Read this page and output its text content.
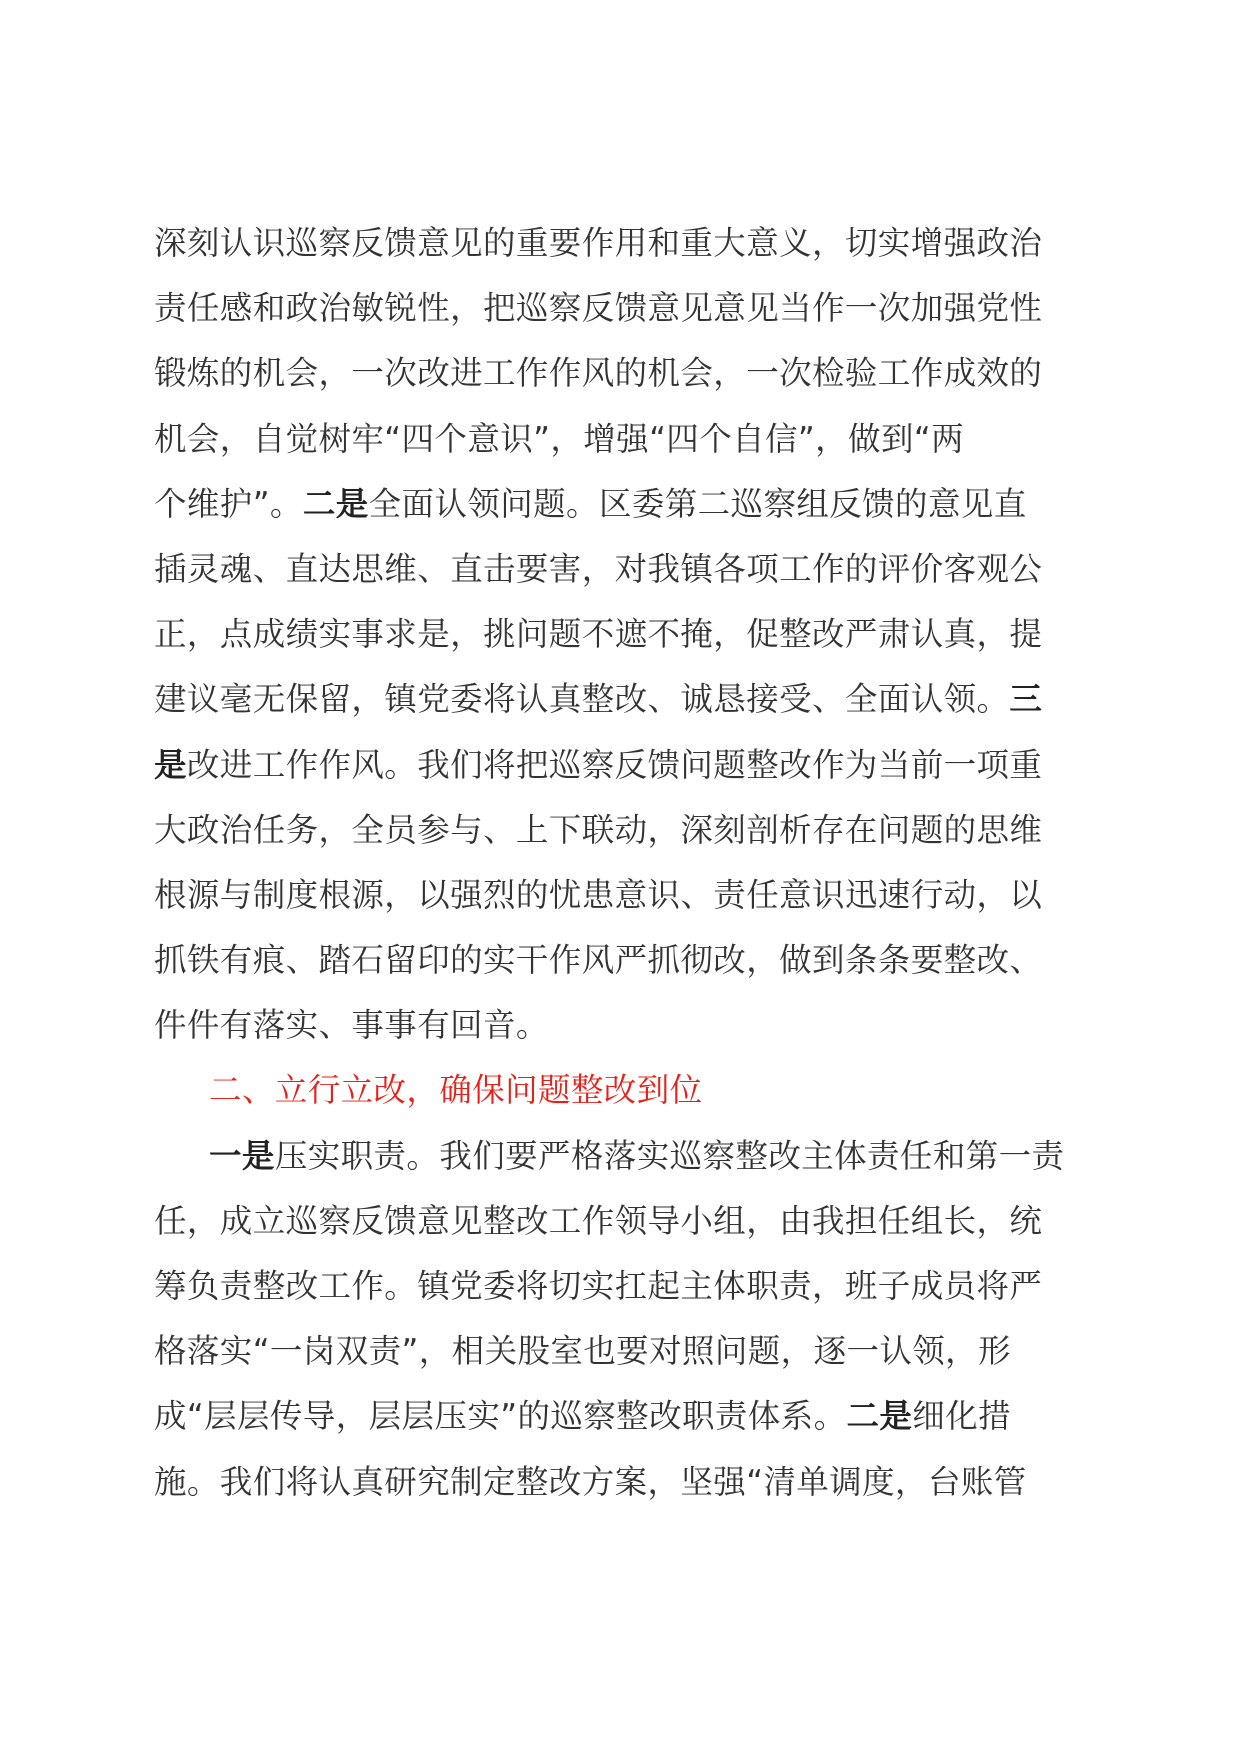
深刻认识巡察反馈意见的重要作用和重大意义，切实增强政治
责任感和政治敏锐性，把巡察反馈意见意见当作一次加强党性
锻炼的机会，一次改进工作作风的机会，一次检验工作成效的
机会，自觉树牢“四个意识”，增强“四个自信”，做到“两
个维护”。二是全面认领问题。区委第二巡察组反馈的意见直
插灵魂、直达思维、直击要害，对我镇各项工作的评价客观公
正，点成绩实事求是，挑问题不遮不掩，促整改严肃认真，提
建议毫无保留，镇党委将认真整改、诚恳接受、全面认领。三
是改进工作作风。我们将把巡察反馈问题整改作为当前一项重
大政治任务，全员参与、上下联动，深刻剖析存在问题的思维
根源与制度根源，以强烈的忧患意识、责任意识迅速行动，以
抓铁有痕、踏石留印的实干作风严抓彻改，做到条条要整改、
件件有落实、事事有回音。
二、立行立改，确保问题整改到位
一是压实职责。我们要严格落实巡察整改主体责任和第一责
任，成立巡察反馈意见整改工作领导小组，由我担任组长，统
筹负责整改工作。镇党委将切实扛起主体职责，班子成员将严
格落实“一岗双责”，相关股室也要对照问题，逐一认领，形
成“层层传导，层层压实”的巡察整改职责体系。二是细化措
施。我们将认真研究制定整改方案，坚强“清单调度，台账管
